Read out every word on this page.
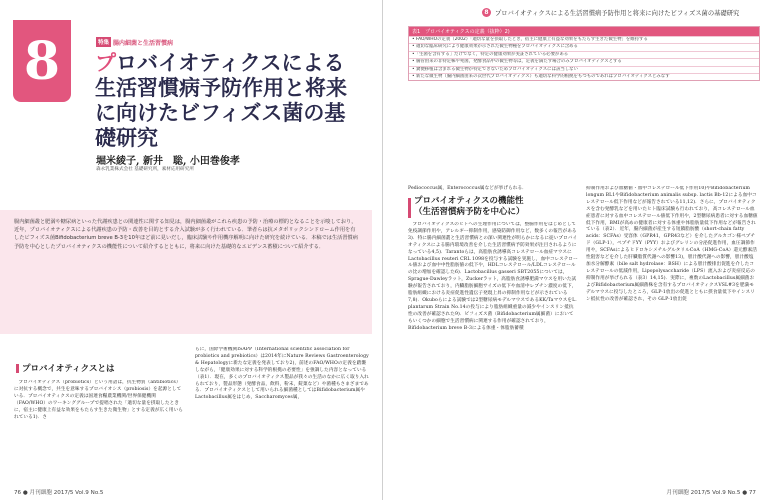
8	特集 腸内細菌と生活習慣病
プロバイオティクスによる生活習慣病予防作用と将来に向けたビフィズス菌の基礎研究
堀米綾子, 新井　聡, 小田巻俊孝
森永乳業株式会社 基礎研究所，素材応用研究所

腸内細菌叢と肥満や糖尿病といった代謝疾患との関連性に関する知見は，腸内細菌叢がこれら疾患の予防・治療の標的となることを示唆しており，近年，プロバイオティクスによる代謝疾患の予防・改善を目的とする介入試験が多く行われている．筆者らは抗メタボリックシンドローム作用を有したビフィズス菌Bifidobacterium breve B-3を10年ほど前に見いだし，臨床試験や作用機序解明に向けた研究を続けている．本稿では生活習慣病予防を中心としたプロバイオティクスの機能性について紹介するとともに，将来に向けた基礎的なエビデンス蓄積について紹介する．

プロバイオティクスとは

プロバイオティクス（probiotics）という用語は，抗生物質（antibiotics）に対抗する概念で，共生を意味するプロバイオシス（probiosis）を起源としている．プロバイオティクスの定義は国連食糧農業機関/世界保健機関（FAO/WHO）のワーキンググループで提唱された「適切な量を摂取したときに，宿主に健康上有益な効果をもたらす生きた微生物」とする定義が広く用いられている1)．さ

らに，国際学術機関ISAPP（International scientific association for probiotics and prebiotics）は2014年にNature Reviews Gastroenterology & Hepatologyに新たな定義を発表しており2)，前述のFAO/WHOの定義を踏襲しながら，「健康効果に対する科学的根拠の必要性」を強調した内容となっている（表1）．現在，多くのプロバイオティクス製品が我々の生活のなかに広く取り入れられており，製品形態（発酵食品，飲料，粉末，錠菓など）や菌種もさまざまである．プロバイオティクスとして用いられる細菌種としてはBifidobacterium属やLactobacillus属をはじめ，Saccharomyces属，

76 ● 月刊細胞 2017/5 Vol.9 No.5
8	プロバイオティクスによる生活習慣病予防作用と将来に向けたビフィズス菌の基礎研究
表1　プロバイオティクスの定義（抜粋）2)
• FAO/WHOの定義（2002）「適切な量を摂取したとき，宿主に健康上有益な効果をもたらす生きた微生物」を維持する
• 適切な臨床研究により健康効果が示された微生物種をプロバイオティクスに含める
•「生菌を含有する」だけでなく，特定の健康効果が実証されている必要がある
• 腸管由来の非特定株や死菌，発酵食品中の微生物等は，定義を満たす場合のみプロバイオティクスとする
• 糞便移植は含まれる微生物が特定できないためプロバイオティクスには該当しない
• 新たな微生物（腸内細菌由来の次世代プロバイオティクス）も適切な科学的根拠をもつものであればプロバイオティクスとみなす

Pediococcus属，Enterococcus属などが挙げられる．

プロバイオティクスの機能性
（生活習慣病予防を中心に）

プロバイオティクスのヒトへの生理作用については，整腸作用をはじめとして免疫調節作用や，アレルギー抑制作用，感染防御作用など，数多くの報告がある3)．特に腸内細菌叢と生活習慣病との深い関連性が明らかになるに従いプロバイオティクスによる腸内環境改善を介した生活習慣病予防効果が注目されるようになっている4,5)．Tarantoらは，高脂肪食誘導高コレステロール血症マウスにLactobacillus reuteri CRL 1098を投与する試験を実施し，血中コレステロール値および血中中性脂肪値の低下や，HDLコレステロール/LDLコレステロールの比の増加を確認した6)．Lactobacillus gasseri SBT2055については，Sprague-Dawleyラット，Zuckerラット，高脂肪食誘導肥満マウスを用いた試験が報告されており，内臓脂肪細胞サイズの低下や血清中レプチン濃度の低下，脂肪組織における炎症促進性遺伝子発現上昇の抑制作用などが示されている7,8)．Okuboらによる試験では2型糖尿病モデルマウスであるKK/TaマウスをL. plantarum Strain No.14の投与により脂肪組織重量の減少やインスリン抵抗性の改善が確認された9)．ビフィズス菌（Bifidobacterium属細菌）においてもいくつかの細胞で生活習慣病に関連する作用が確認されており，Bifidobacterium breve B-3による体重・体脂肪蓄積

抑制作用および血糖値・血中コレステロール低下作用10)やBifidobacterium longum BL1やBifidobacterium animalis subsp. lactis Bb-12による血中コレステロール低下作用などが報告されている11,12)．さらに，プロバイオティクスを含む発酵乳などを用いたヒト臨床試験も行われており，高コレステロール血症患者に対する血中コレステロール値低下作用や，2型糖尿病患者に対する血糖値低下作用，BMIが高めの健康者に対する体重や体脂肪量低下作用などが報告されている（表2）．近年，腸内細菌が産生する短鎖脂肪酸（short-chain fatty acids：SCFAs）受容体（GPR41，GPR43など）を介したグルカゴン様ペプチド（GLP-1），ペプチドYY（PYY）およびグレリンの分泌促進作用，血圧調節作用や，SCFAsによるヒドロキシメチルグルタリルCoA（HMG-CoA）還元酵素活性阻害などを介した肝臓脂質代謝への影響13)，胆汁酸代謝への影響，胆汁酸塩加水分解酵素（bile salt hydrolase：BSH）による胆汁酸排出促進を介したコレステロールの低減作用，Lipopolysaccharide（LPS）流入および炎症反応の抑制作用が挙げられる（表3）14,15)．実際に，複数のLactobacillus属細菌およびBifidobacterium属細菌株を含有するプロバイオティクスVSL#3を肥満モデルマウスに投与したところ，GLP-1放出の促進とともに摂食量低下やインスリン抵抗性の改善が確認され，その GLP-1放出促

月刊細胞 2017/5 Vol.9 No.5 ● 77
